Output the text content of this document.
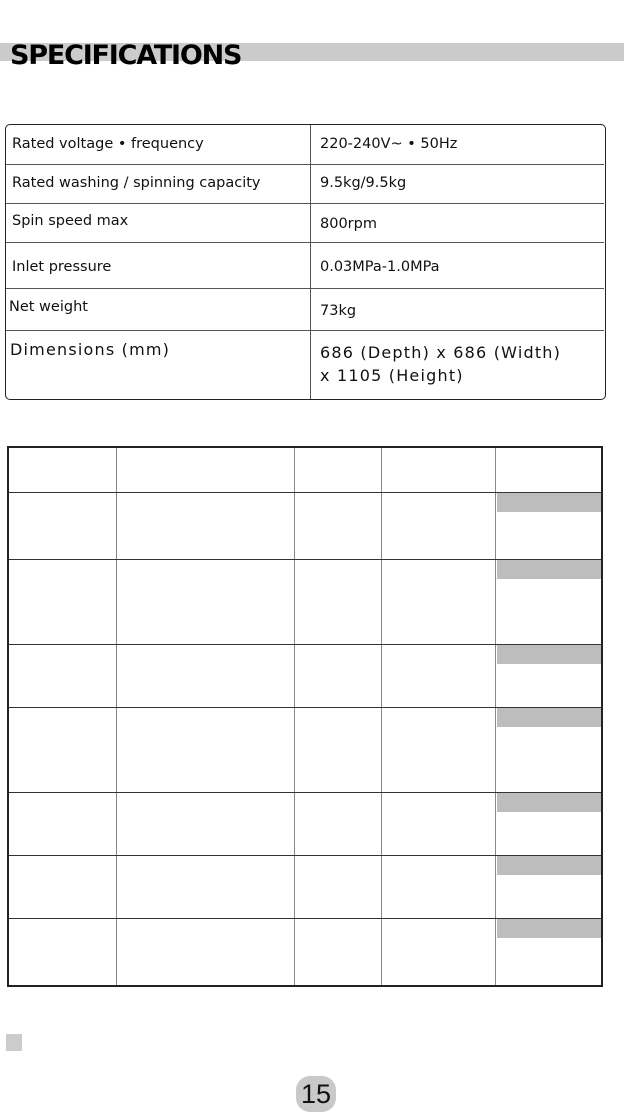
SPECIFICATIONS
Rated voltage • frequency	220-240V~ • 50Hz
Rated washing / spinning capacity	9.5kg/9.5kg
Spin speed max	800rpm
Inlet pressure	0.03MPa-1.0MPa
Net weight	73kg
Dimensions (mm)	686 (Depth) x 686 (Width)
x 1105 (Height)
15
